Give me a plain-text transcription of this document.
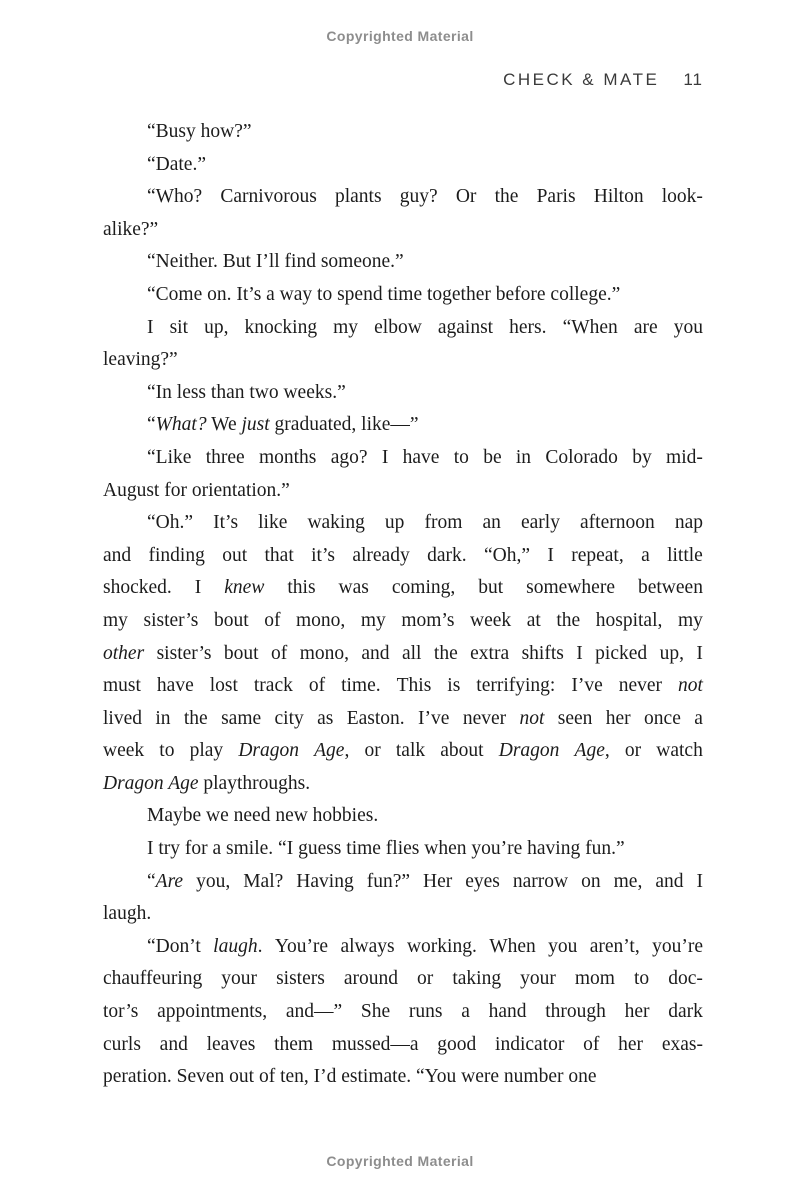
Copyrighted Material
CHECK & MATE 11
“Busy how?”
“Date.”
“Who? Carnivorous plants guy? Or the Paris Hilton look-
alike?”
“Neither. But I’ll find someone.”
“Come on. It’s a way to spend time together before college.”
I sit up, knocking my elbow against hers. “When are you
leaving?”
“In less than two weeks.”
“What? We just graduated, like—”
“Like three months ago? I have to be in Colorado by mid-
August for orientation.”
“Oh.” It’s like waking up from an early afternoon nap
and finding out that it’s already dark. “Oh,” I repeat, a little
shocked. I knew this was coming, but somewhere between
my sister’s bout of mono, my mom’s week at the hospital, my
other sister’s bout of mono, and all the extra shifts I picked up, I
must have lost track of time. This is terrifying: I’ve never not
lived in the same city as Easton. I’ve never not seen her once a
week to play Dragon Age, or talk about Dragon Age, or watch
Dragon Age playthroughs.
Maybe we need new hobbies.
I try for a smile. “I guess time flies when you’re having fun.”
“Are you, Mal? Having fun?” Her eyes narrow on me, and I
laugh.
“Don’t laugh. You’re always working. When you aren’t, you’re
chauffeuring your sisters around or taking your mom to doc-
tor’s appointments, and—” She runs a hand through her dark
curls and leaves them mussed—a good indicator of her exas-
peration. Seven out of ten, I’d estimate. “You were number one
Copyrighted Material
